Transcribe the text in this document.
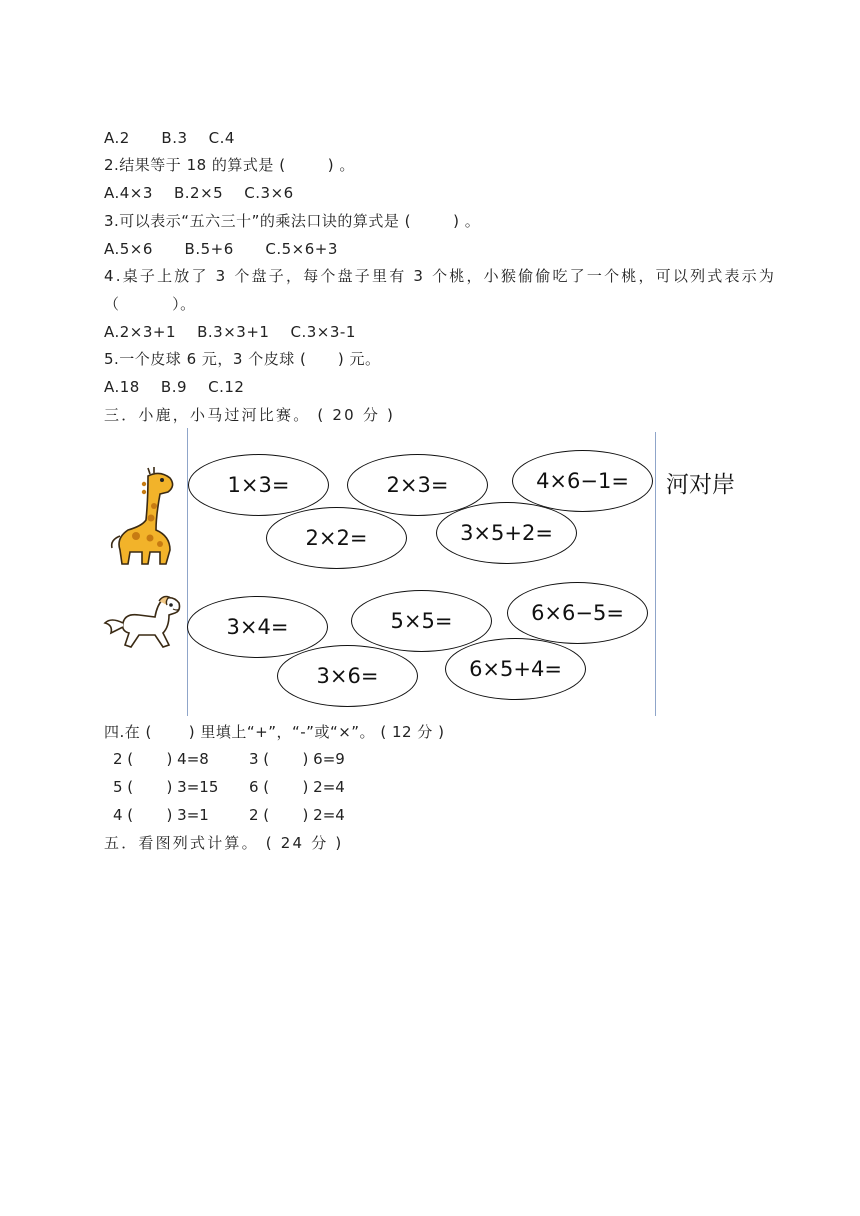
A.2      B.3    C.4
2.结果等于 18 的算式是 (        ) 。
A.4×3    B.2×5    C.3×6
3.可以表示“五六三十”的乘法口诀的算式是 (        ) 。
A.5×6      B.5+6      C.5×6+3
4.桌子上放了 3 个盘子，每个盘子里有 3 个桃，小猴偷偷吃了一个桃，可以列式表示为
（          ）。
A.2×3+1    B.3×3+1    C.3×3-1
5.一个皮球 6 元，3 个皮球 (      ) 元。
A.18    B.9    C.12
三．小鹿，小马过河比赛。 ( 20 分 )
1×3=	2×3=	4×6−1=
2×2=	3×5+2=
河对岸
3×4=	5×5=	6×6−5=
3×6=	6×5+4=
四.在 (       ) 里填上“+”，“-”或“×”。 ( 12 分 )
2 (       ) 4=8	3 (       ) 6=9
5 (       ) 3=15 6 (       ) 2=4
4 (       ) 3=1	2 (       ) 2=4
五．看图列式计算。 ( 24 分 )
